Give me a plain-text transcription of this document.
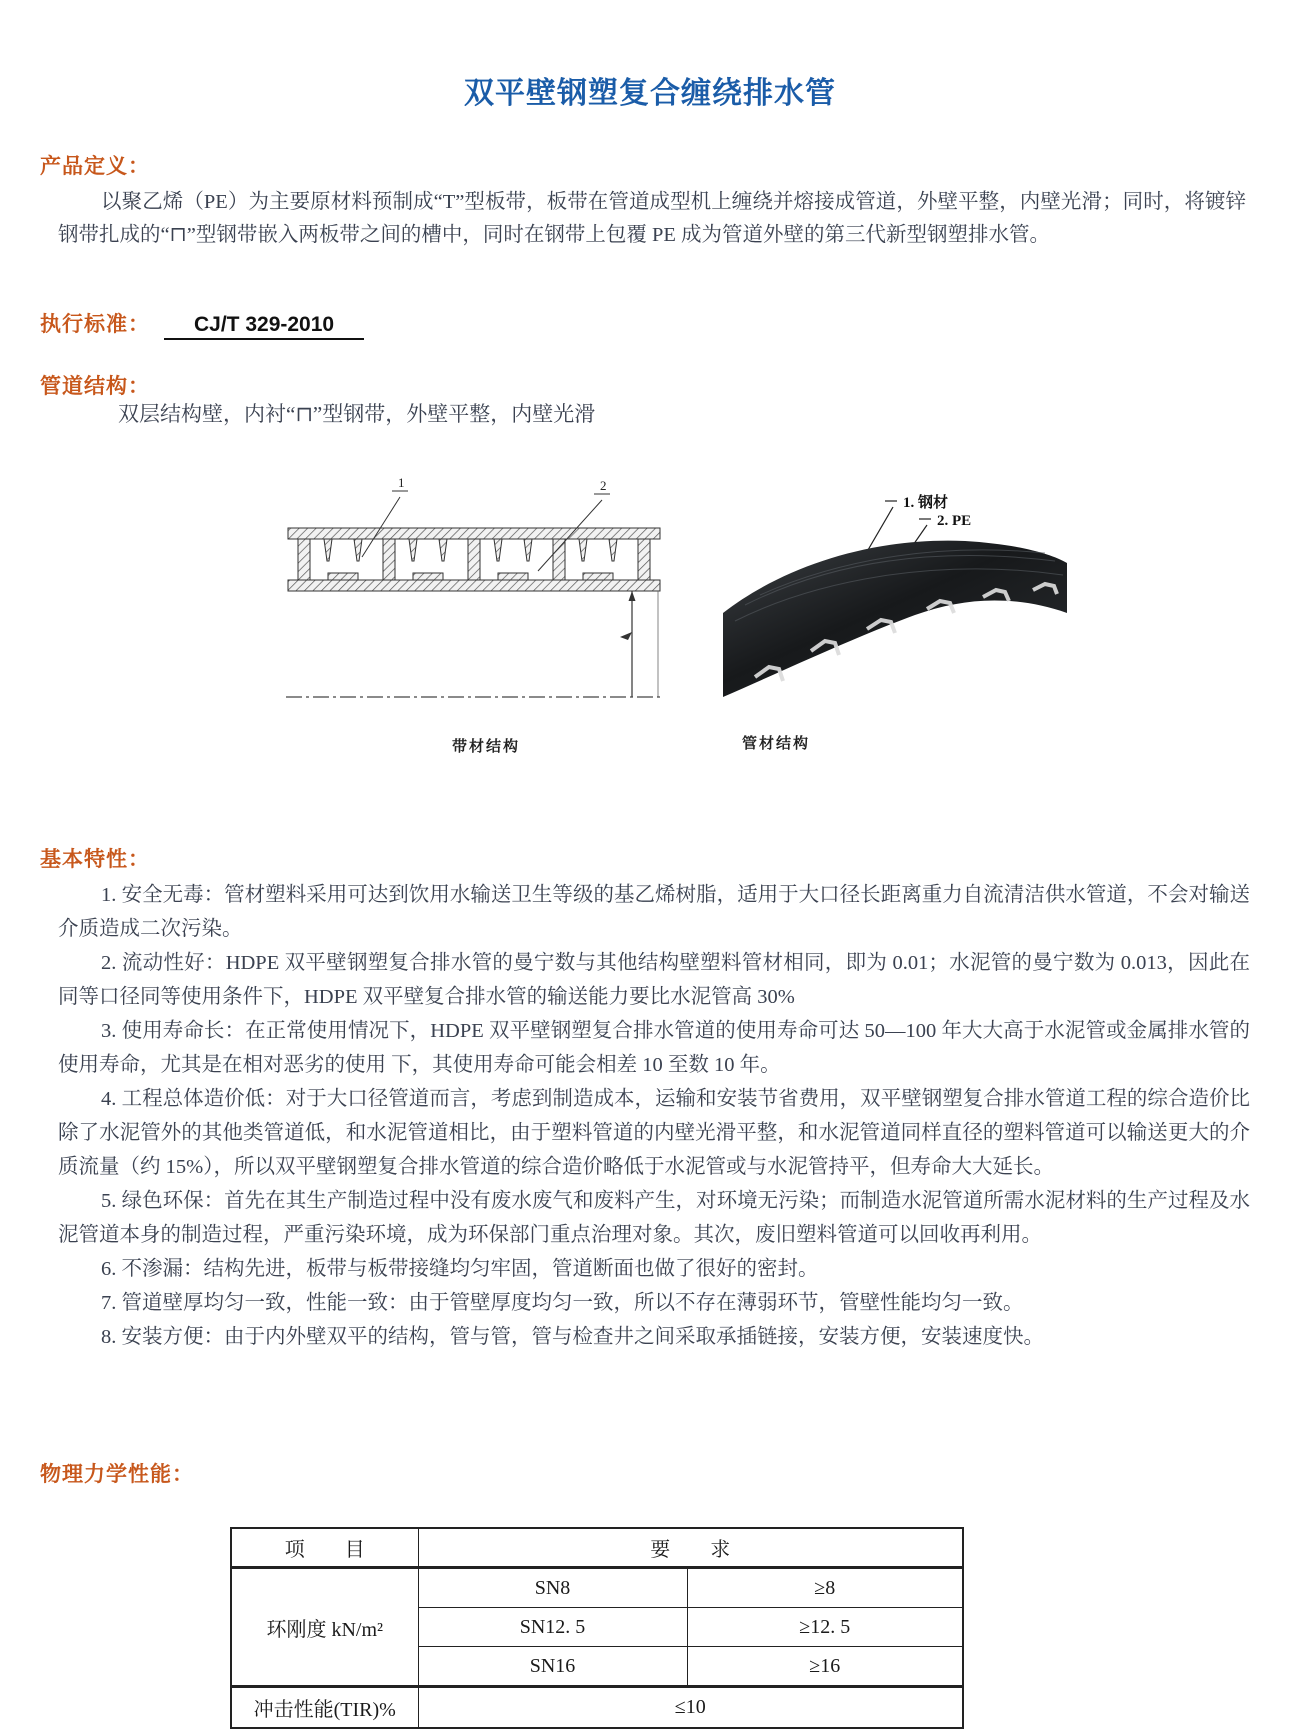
双平壁钢塑复合缠绕排水管
产品定义：
以聚乙烯（PE）为主要原材料预制成“T”型板带，板带在管道成型机上缠绕并熔接成管道，外壁平整，内壁光滑；同时，将镀锌钢带扎成的“⊓”型钢带嵌入两板带之间的槽中，同时在钢带上包覆 PE 成为管道外壁的第三代新型钢塑排水管。
执行标准： CJ/T 329-2010
管道结构：
双层结构壁，内衬“⊓”型钢带，外壁平整，内壁光滑
1	2
1. 钢材
2. PE
带材结构	管材结构
基本特性：

1. 安全无毒：管材塑料采用可达到饮用水输送卫生等级的基乙烯树脂，适用于大口径长距离重力自流清洁供水管道，不会对输送介质造成二次污染。

2. 流动性好：HDPE 双平壁钢塑复合排水管的曼宁数与其他结构壁塑料管材相同，即为 0.01；水泥管的曼宁数为 0.013，因此在同等口径同等使用条件下，HDPE 双平壁复合排水管的输送能力要比水泥管高 30%

3. 使用寿命长：在正常使用情况下，HDPE 双平壁钢塑复合排水管道的使用寿命可达 50—100 年大大高于水泥管或金属排水管的使用寿命，尤其是在相对恶劣的使用 下，其使用寿命可能会相差 10 至数 10 年。

4. 工程总体造价低：对于大口径管道而言，考虑到制造成本，运输和安装节省费用，双平壁钢塑复合排水管道工程的综合造价比除了水泥管外的其他类管道低，和水泥管道相比，由于塑料管道的内壁光滑平整，和水泥管道同样直径的塑料管道可以输送更大的介质流量（约 15%），所以双平壁钢塑复合排水管道的综合造价略低于水泥管或与水泥管持平，但寿命大大延长。

5. 绿色环保：首先在其生产制造过程中没有废水废气和废料产生，对环境无污染；而制造水泥管道所需水泥材料的生产过程及水泥管道本身的制造过程，严重污染环境，成为环保部门重点治理对象。其次，废旧塑料管道可以回收再利用。

6. 不渗漏：结构先进，板带与板带接缝均匀牢固，管道断面也做了很好的密封。

7. 管道壁厚均匀一致，性能一致：由于管壁厚度均匀一致，所以不存在薄弱环节，管壁性能均匀一致。

8. 安装方便：由于内外壁双平的结构，管与管，管与检查井之间采取承插链接，安装方便，安装速度快。

物理力学性能：
项　　目	要　　求	
环刚度 kN/m²	SN8	≥8
	SN12. 5	≥12. 5
	SN16	≥16
冲击性能(TIR)%	≤10	
